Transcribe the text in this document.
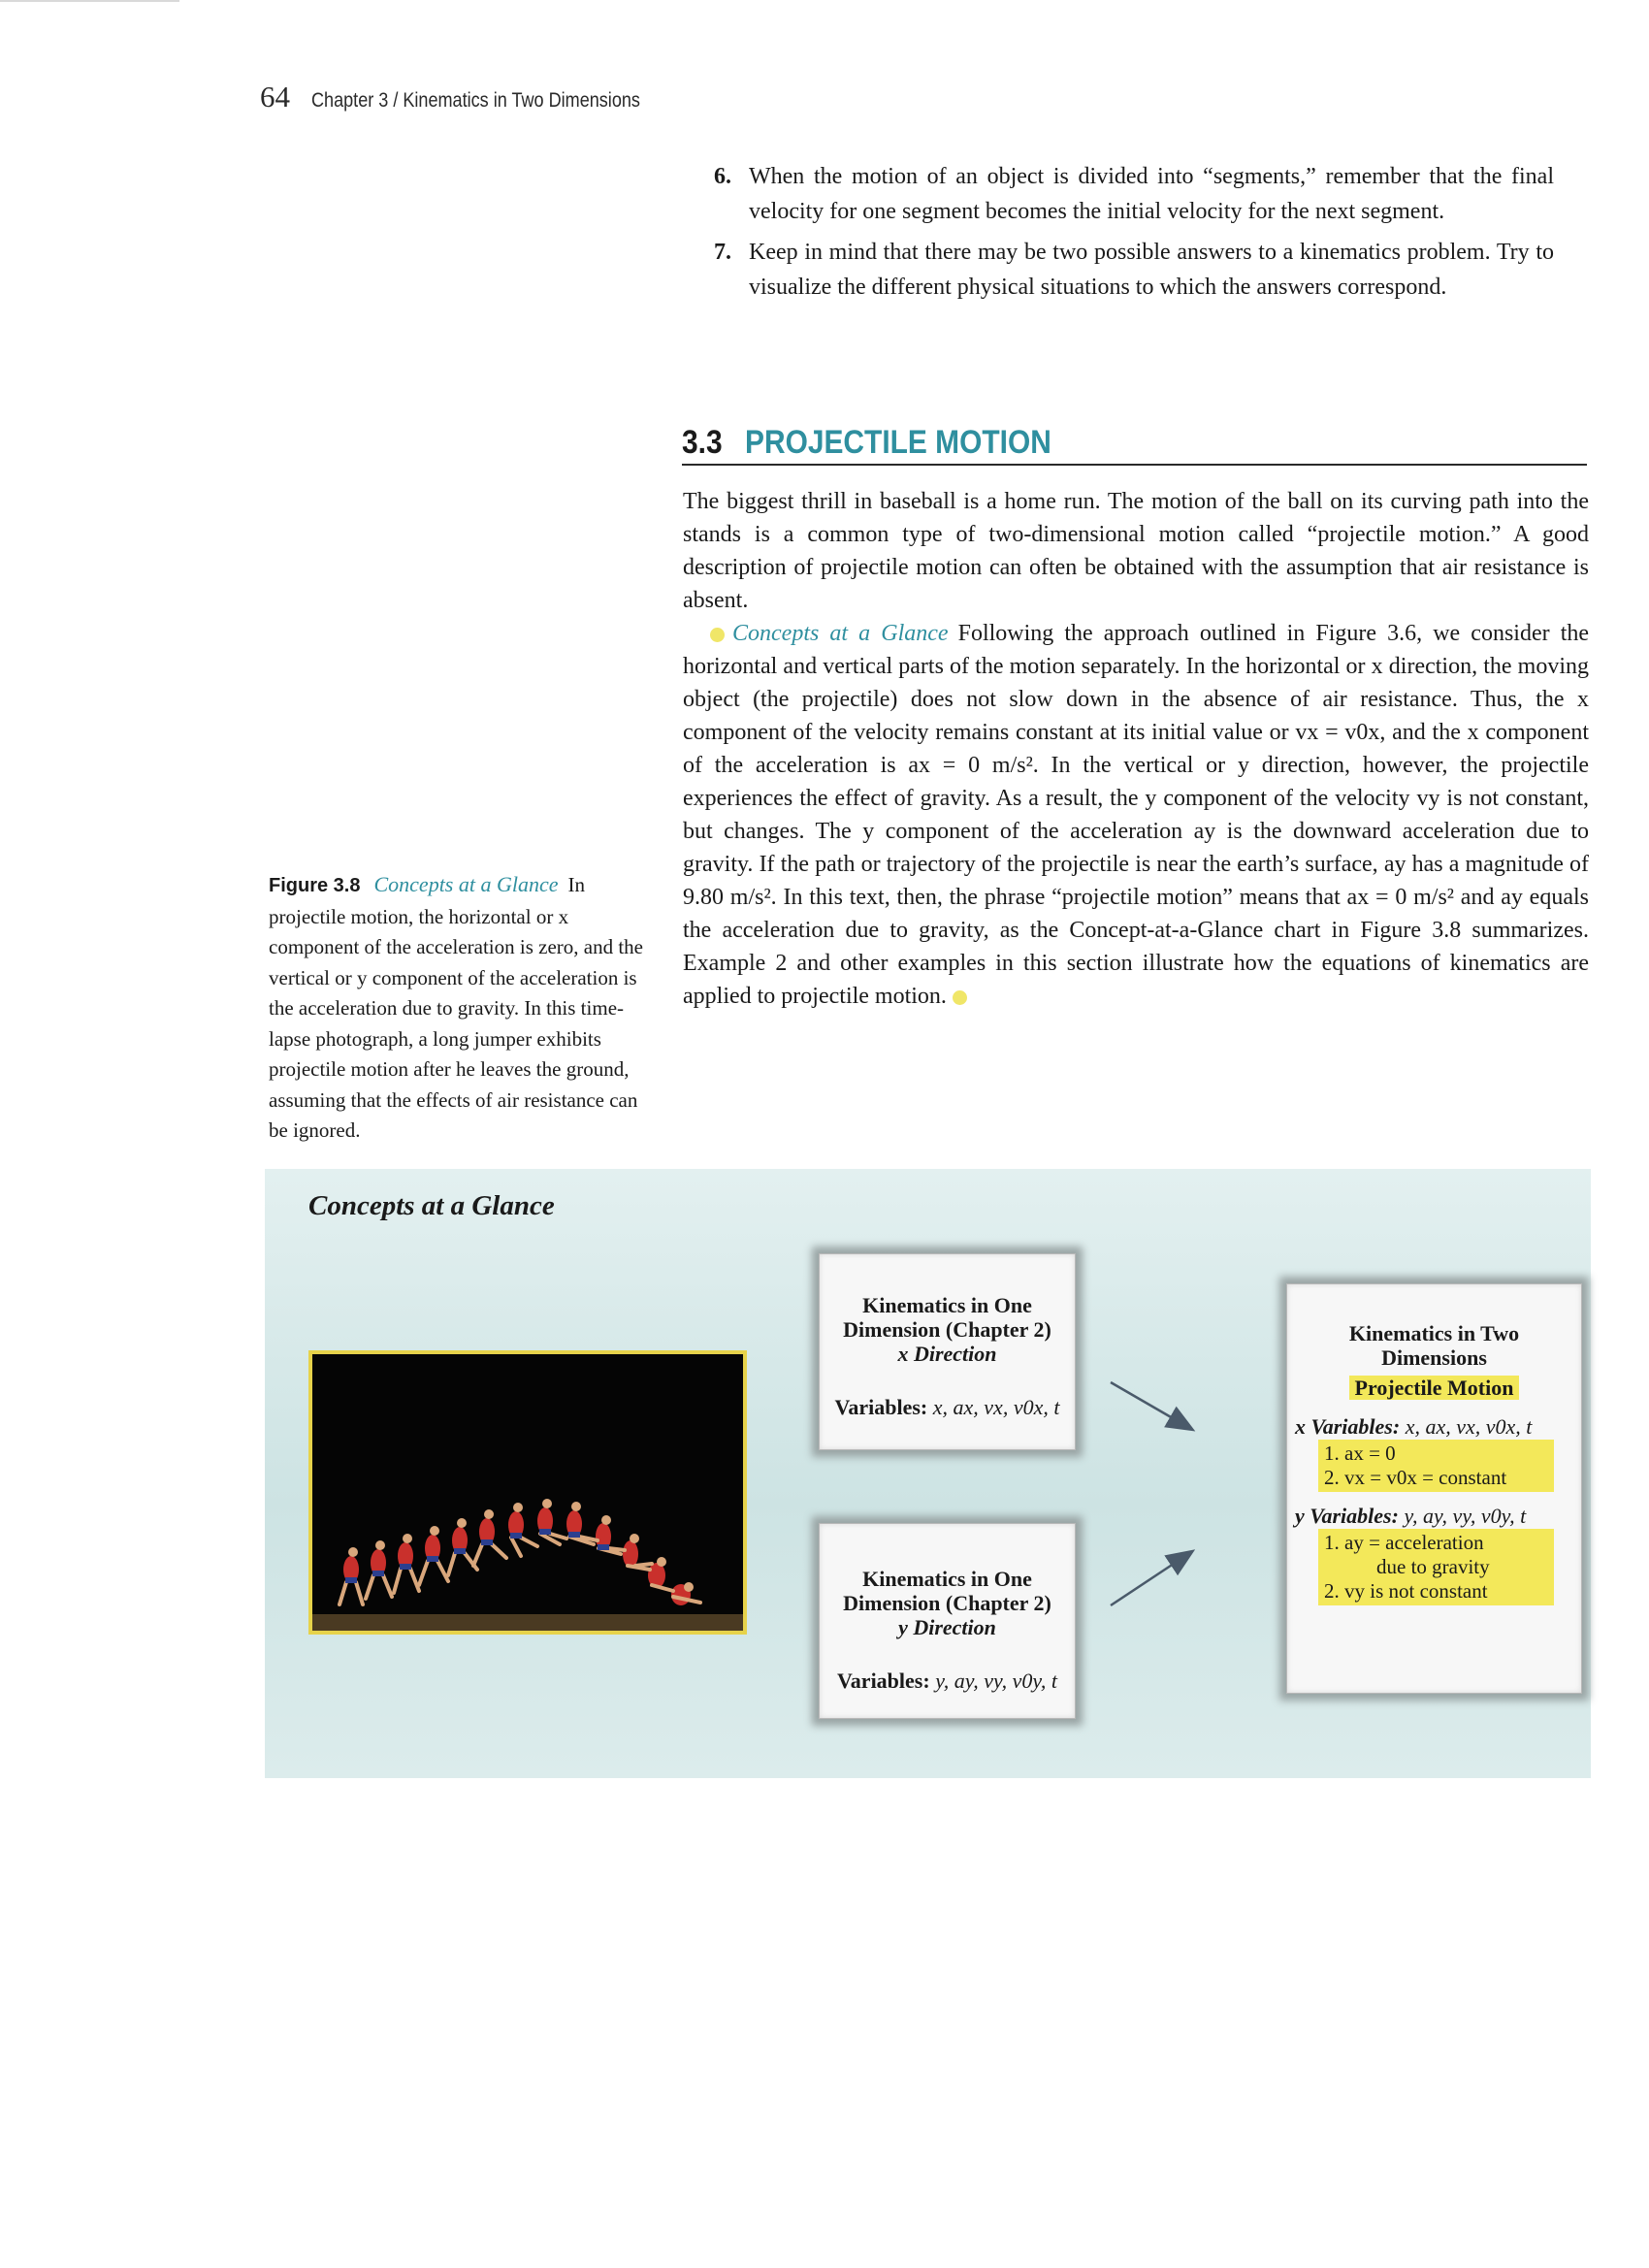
64 Chapter 3 / Kinematics in Two Dimensions
6. When the motion of an object is divided into “segments,” remember that the final velocity for one segment becomes the initial velocity for the next segment.
7. Keep in mind that there may be two possible answers to a kinematics problem. Try to visualize the different physical situations to which the answers correspond.
3.3 PROJECTILE MOTION

The biggest thrill in baseball is a home run. The motion of the ball on its curving path into the stands is a common type of two-dimensional motion called “projectile motion.” A good description of projectile motion can often be obtained with the assumption that air resistance is absent.

Concepts at a Glance Following the approach outlined in Figure 3.6, we consider the horizontal and vertical parts of the motion separately. In the horizontal or x direction, the moving object (the projectile) does not slow down in the absence of air resistance. Thus, the x component of the velocity remains constant at its initial value or vx = v0x, and the x component of the acceleration is ax = 0 m/s². In the vertical or y direction, however, the projectile experiences the effect of gravity. As a result, the y component of the velocity vy is not constant, but changes. The y component of the acceleration ay is the downward acceleration due to gravity. If the path or trajectory of the projectile is near the earth’s surface, ay has a magnitude of 9.80 m/s². In this text, then, the phrase “projectile motion” means that ax = 0 m/s² and ay equals the acceleration due to gravity, as the Concept-at-a-Glance chart in Figure 3.8 summarizes. Example 2 and other examples in this section illustrate how the equations of kinematics are applied to projectile motion.

Figure 3.8 Concepts at a Glance In projectile motion, the horizontal or x component of the acceleration is zero, and the vertical or y component of the acceleration is the acceleration due to gravity. In this time-lapse photograph, a long jumper exhibits projectile motion after he leaves the ground, assuming that the effects of air resistance can be ignored.
Concepts at a Glance
Kinematics in One
Dimension (Chapter 2)
x Direction
Variables: x, ax, vx, v0x, t
Kinematics in One
Dimension (Chapter 2)
y Direction
Variables: y, ay, vy, v0y, t
Kinematics in Two
Dimensions
Projectile Motion
x Variables: x, ax, vx, v0x, t
1. ax = 0
2. vx = v0x = constant
y Variables: y, ay, vy, v0y, t
1. ay = acceleration
due to gravity
2. vy is not constant
